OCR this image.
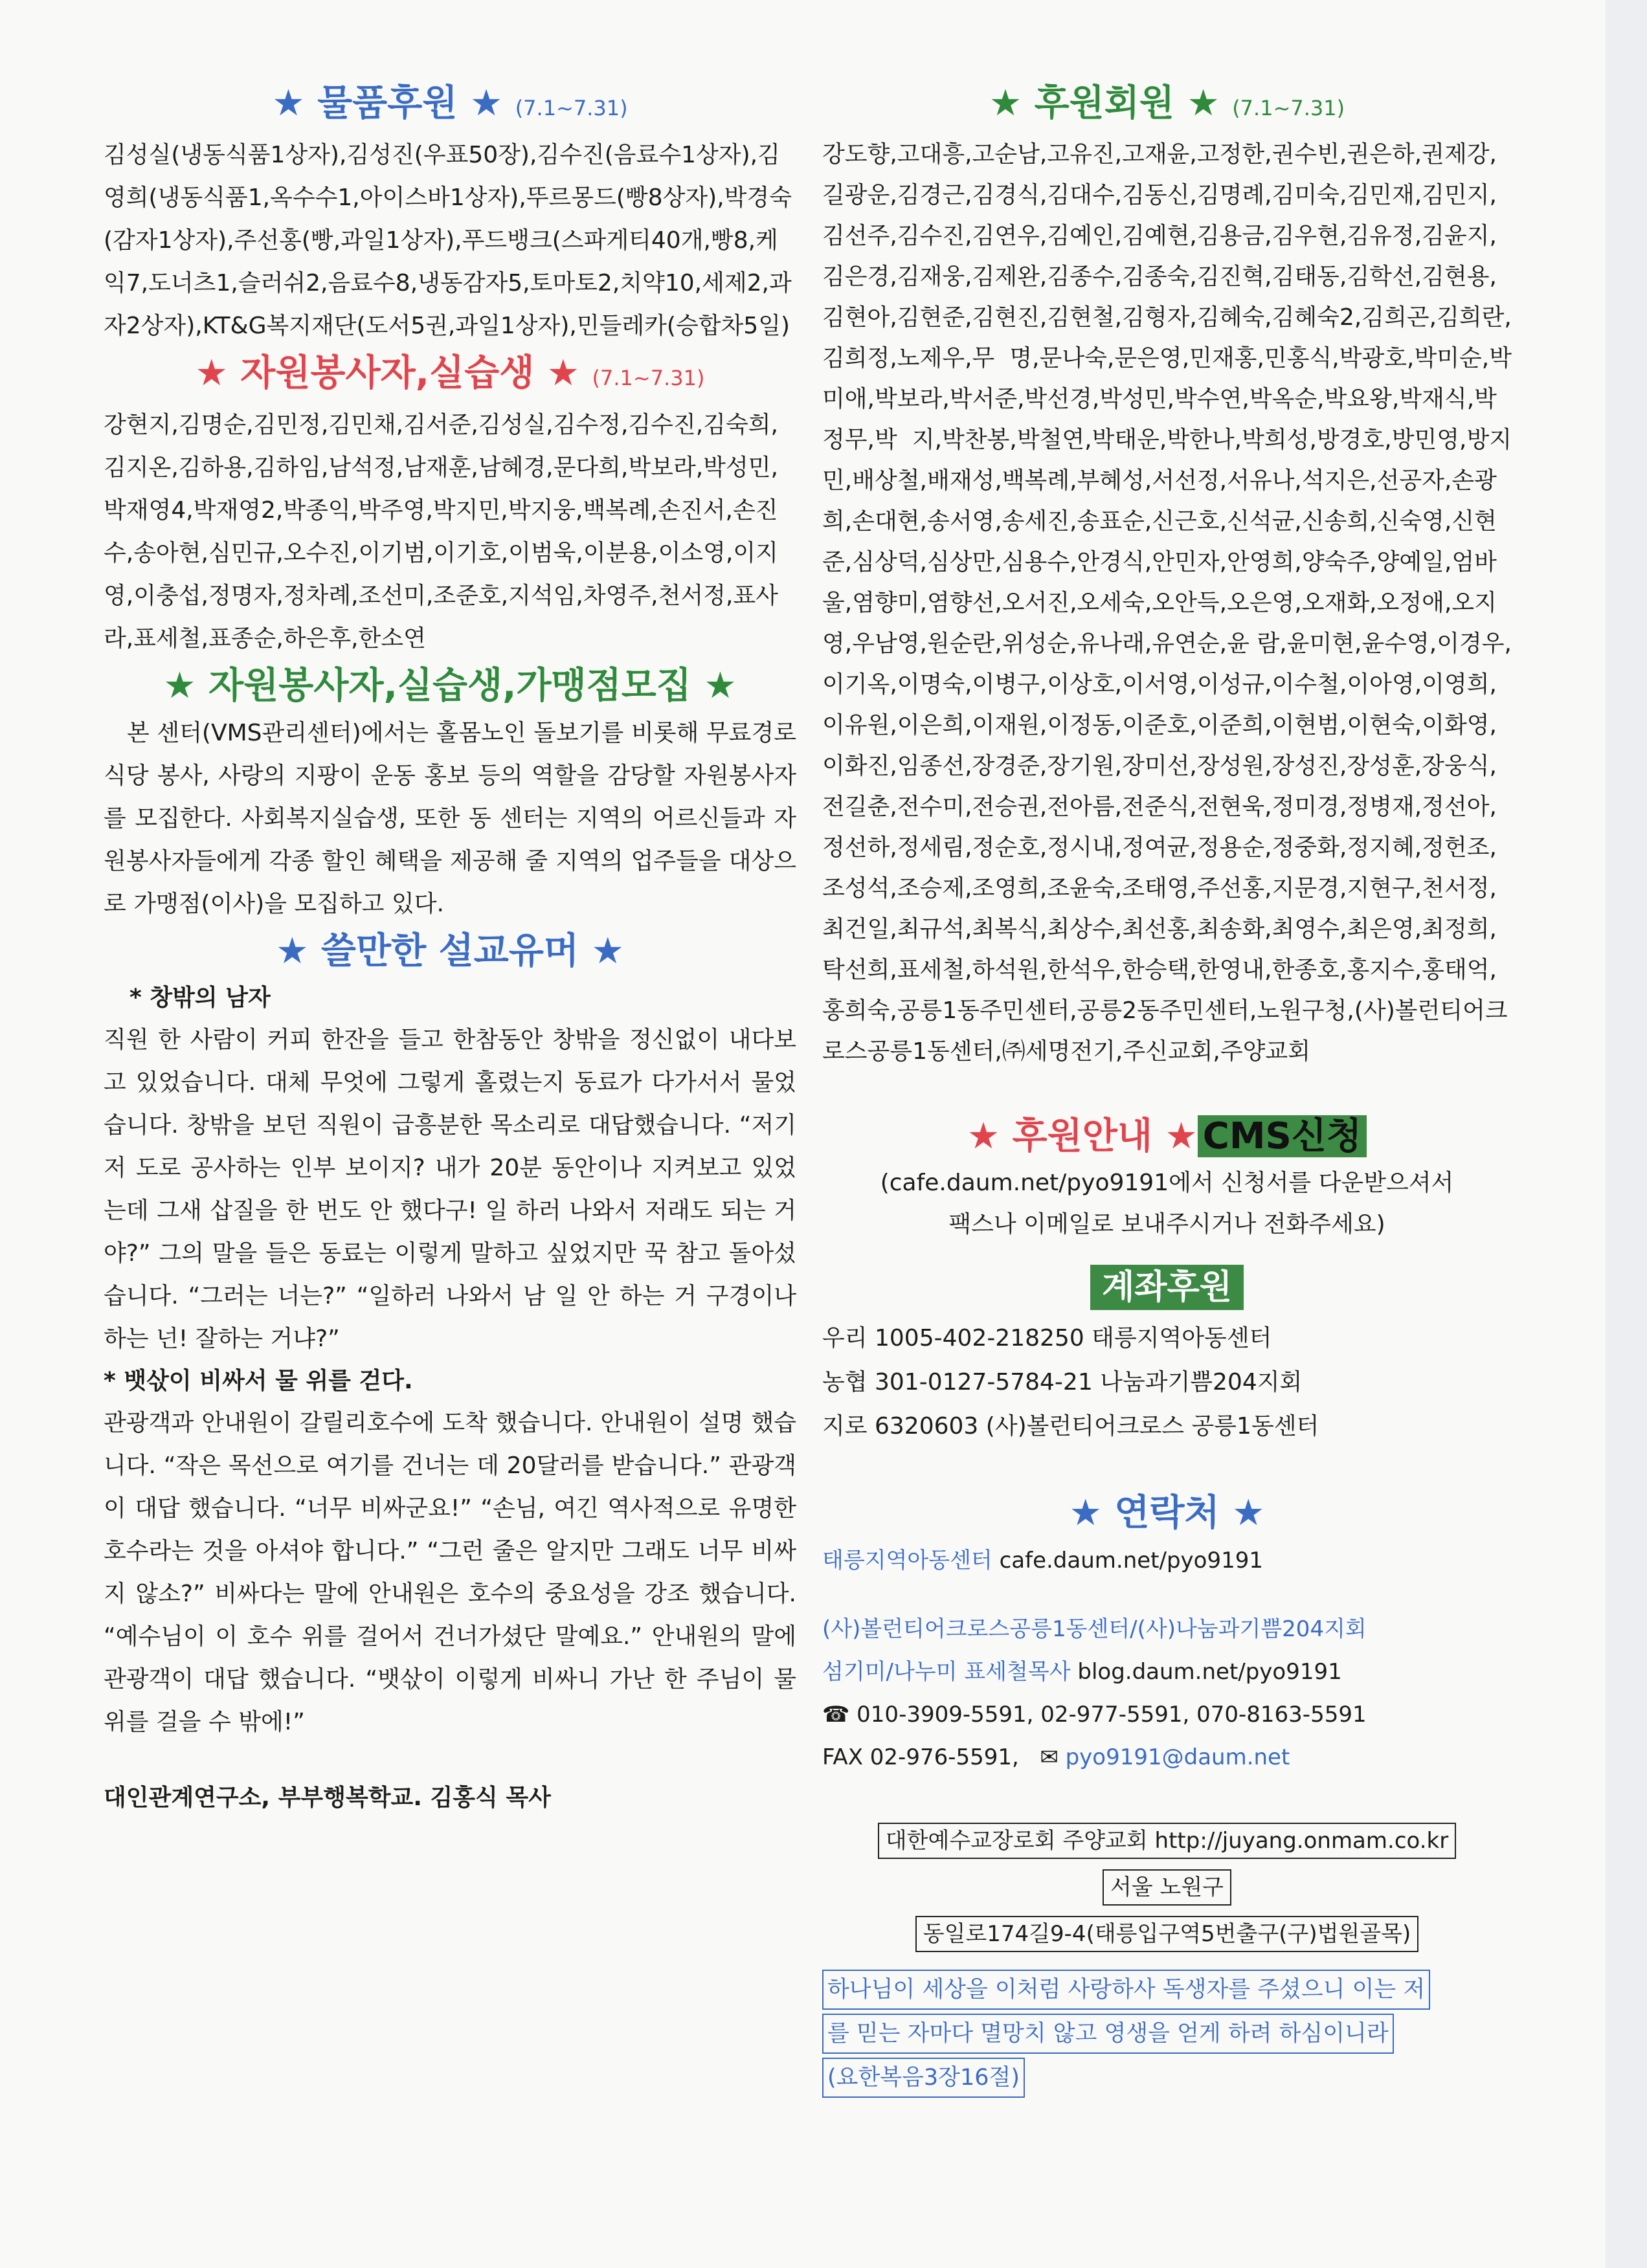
★ 물품후원 ★ (7.1~7.31)

김성실(냉동식품1상자),김성진(우표50장),김수진(음료수1상자),김영희(냉동식품1,옥수수1,아이스바1상자),뚜르몽드(빵8상자),박경숙(감자1상자),주선홍(빵,과일1상자),푸드뱅크(스파게티40개,빵8,케익7,도너츠1,슬러쉬2,음료수8,냉동감자5,토마토2,치약10,세제2,과자2상자),KT&G복지재단(도서5권,과일1상자),민들레카(승합차5일)

★ 자원봉사자,실습생 ★ (7.1~7.31)

강현지,김명순,김민정,김민채,김서준,김성실,김수정,김수진,김숙희,김지온,김하용,김하임,남석정,남재훈,남혜경,문다희,박보라,박성민,박재영4,박재영2,박종익,박주영,박지민,박지웅,백복례,손진서,손진수,송아현,심민규,오수진,이기범,이기호,이범욱,이분용,이소영,이지영,이충섭,정명자,정차례,조선미,조준호,지석임,차영주,천서정,표사라,표세철,표종순,하은후,한소연

★ 자원봉사자,실습생,가맹점모집 ★

본 센터(VMS관리센터)에서는 홀몸노인 돌보기를 비롯해 무료경로식당 봉사, 사랑의 지팡이 운동 홍보 등의 역할을 감당할 자원봉사자를 모집한다. 사회복지실습생, 또한 동 센터는 지역의 어르신들과 자원봉사자들에게 각종 할인 혜택을 제공해 줄 지역의 업주들을 대상으로 가맹점(이사)을 모집하고 있다.

★ 쓸만한 설교유머 ★

* 창밖의 남자

직원 한 사람이 커피 한잔을 들고 한참동안 창밖을 정신없이 내다보고 있었습니다. 대체 무엇에 그렇게 홀렸는지 동료가 다가서서 물었습니다. 창밖을 보던 직원이 급흥분한 목소리로 대답했습니다. “저기 저 도로 공사하는 인부 보이지? 내가 20분 동안이나 지켜보고 있었는데 그새 삽질을 한 번도 안 했다구! 일 하러 나와서 저래도 되는 거야?” 그의 말을 들은 동료는 이렇게 말하고 싶었지만 꾹 참고 돌아섰습니다. “그러는 너는?” “일하러 나와서 남 일 안 하는 거 구경이나 하는 넌! 잘하는 거냐?”

* 뱃삯이 비싸서 물 위를 걷다.

관광객과 안내원이 갈릴리호수에 도착 했습니다. 안내원이 설명 했습니다. “작은 목선으로 여기를 건너는 데 20달러를 받습니다.” 관광객이 대답 했습니다. “너무 비싸군요!” “손님, 여긴 역사적으로 유명한 호수라는 것을 아셔야 합니다.” “그런 줄은 알지만 그래도 너무 비싸지 않소?” 비싸다는 말에 안내원은 호수의 중요성을 강조 했습니다. “예수님이 이 호수 위를 걸어서 건너가셨단 말예요.” 안내원의 말에 관광객이 대답 했습니다. “뱃삯이 이렇게 비싸니 가난 한 주님이 물위를 걸을 수 밖에!”

대인관계연구소, 부부행복학교. 김홍식 목사
★ 후원회원 ★ (7.1~7.31)

강도향,고대흥,고순남,고유진,고재윤,고정한,권수빈,권은하,권제강,길광운,김경근,김경식,김대수,김동신,김명례,김미숙,김민재,김민지,김선주,김수진,김연우,김예인,김예현,김용금,김우현,김유정,김윤지,김은경,김재웅,김제완,김종수,김종숙,김진혁,김태동,김학선,김현용,김현아,김현준,김현진,김현철,김형자,김혜숙,김혜숙2,김희곤,김희란,김희정,노제우,무 명,문나숙,문은영,민재홍,민홍식,박광호,박미순,박미애,박보라,박서준,박선경,박성민,박수연,박옥순,박요왕,박재식,박정무,박 지,박찬봉,박철연,박태운,박한나,박희성,방경호,방민영,방지민,배상철,배재성,백복례,부혜성,서선정,서유나,석지은,선공자,손광희,손대현,송서영,송세진,송표순,신근호,신석균,신송희,신숙영,신현준,심상덕,심상만,심용수,안경식,안민자,안영희,양숙주,양예일,엄바울,염향미,염향선,오서진,오세숙,오안득,오은영,오재화,오정애,오지영,우남영,원순란,위성순,유나래,유연순,윤 람,윤미현,윤수영,이경우,이기옥,이명숙,이병구,이상호,이서영,이성규,이수철,이아영,이영희,이유원,이은희,이재원,이정동,이준호,이준희,이현범,이현숙,이화영,이화진,임종선,장경준,장기원,장미선,장성원,장성진,장성훈,장웅식,전길춘,전수미,전승권,전아름,전준식,전현욱,정미경,정병재,정선아,정선하,정세림,정순호,정시내,정여균,정용순,정중화,정지혜,정헌조,조성석,조승제,조영희,조윤숙,조태영,주선홍,지문경,지현구,천서정,최건일,최규석,최복식,최상수,최선홍,최송화,최영수,최은영,최정희,탁선희,표세철,하석원,한석우,한승택,한영내,한종호,홍지수,홍태억,홍희숙,공릉1동주민센터,공릉2동주민센터,노원구청,(사)볼런티어크로스공릉1동센터,㈜세명전기,주신교회,주양교회

★ 후원안내 ★ CMS신청

(cafe.daum.net/pyo9191에서 신청서를 다운받으셔서

팩스나 이메일로 보내주시거나 전화주세요)

계좌후원

우리 1005-402-218250 태릉지역아동센터

농협 301-0127-5784-21 나눔과기쁨204지회

지로 6320603 (사)볼런티어크로스 공릉1동센터

★ 연락처 ★

태릉지역아동센터 cafe.daum.net/pyo9191

(사)볼런티어크로스공릉1동센터/(사)나눔과기쁨204지회

섬기미/나누미 표세철목사 blog.daum.net/pyo9191

☎ 010-3909-5591, 02-977-5591, 070-8163-5591

FAX 02-976-5591, ✉ pyo9191@daum.net

대한예수교장로회 주양교회 http://juyang.onmam.co.kr
서울 노원구
동일로174길9-4(태릉입구역5번출구(구)법원골목)
하나님이 세상을 이처럼 사랑하사 독생자를 주셨으니 이는 저
를 믿는 자마다 멸망치 않고 영생을 얻게 하려 하심이니라
(요한복음3장16절)
